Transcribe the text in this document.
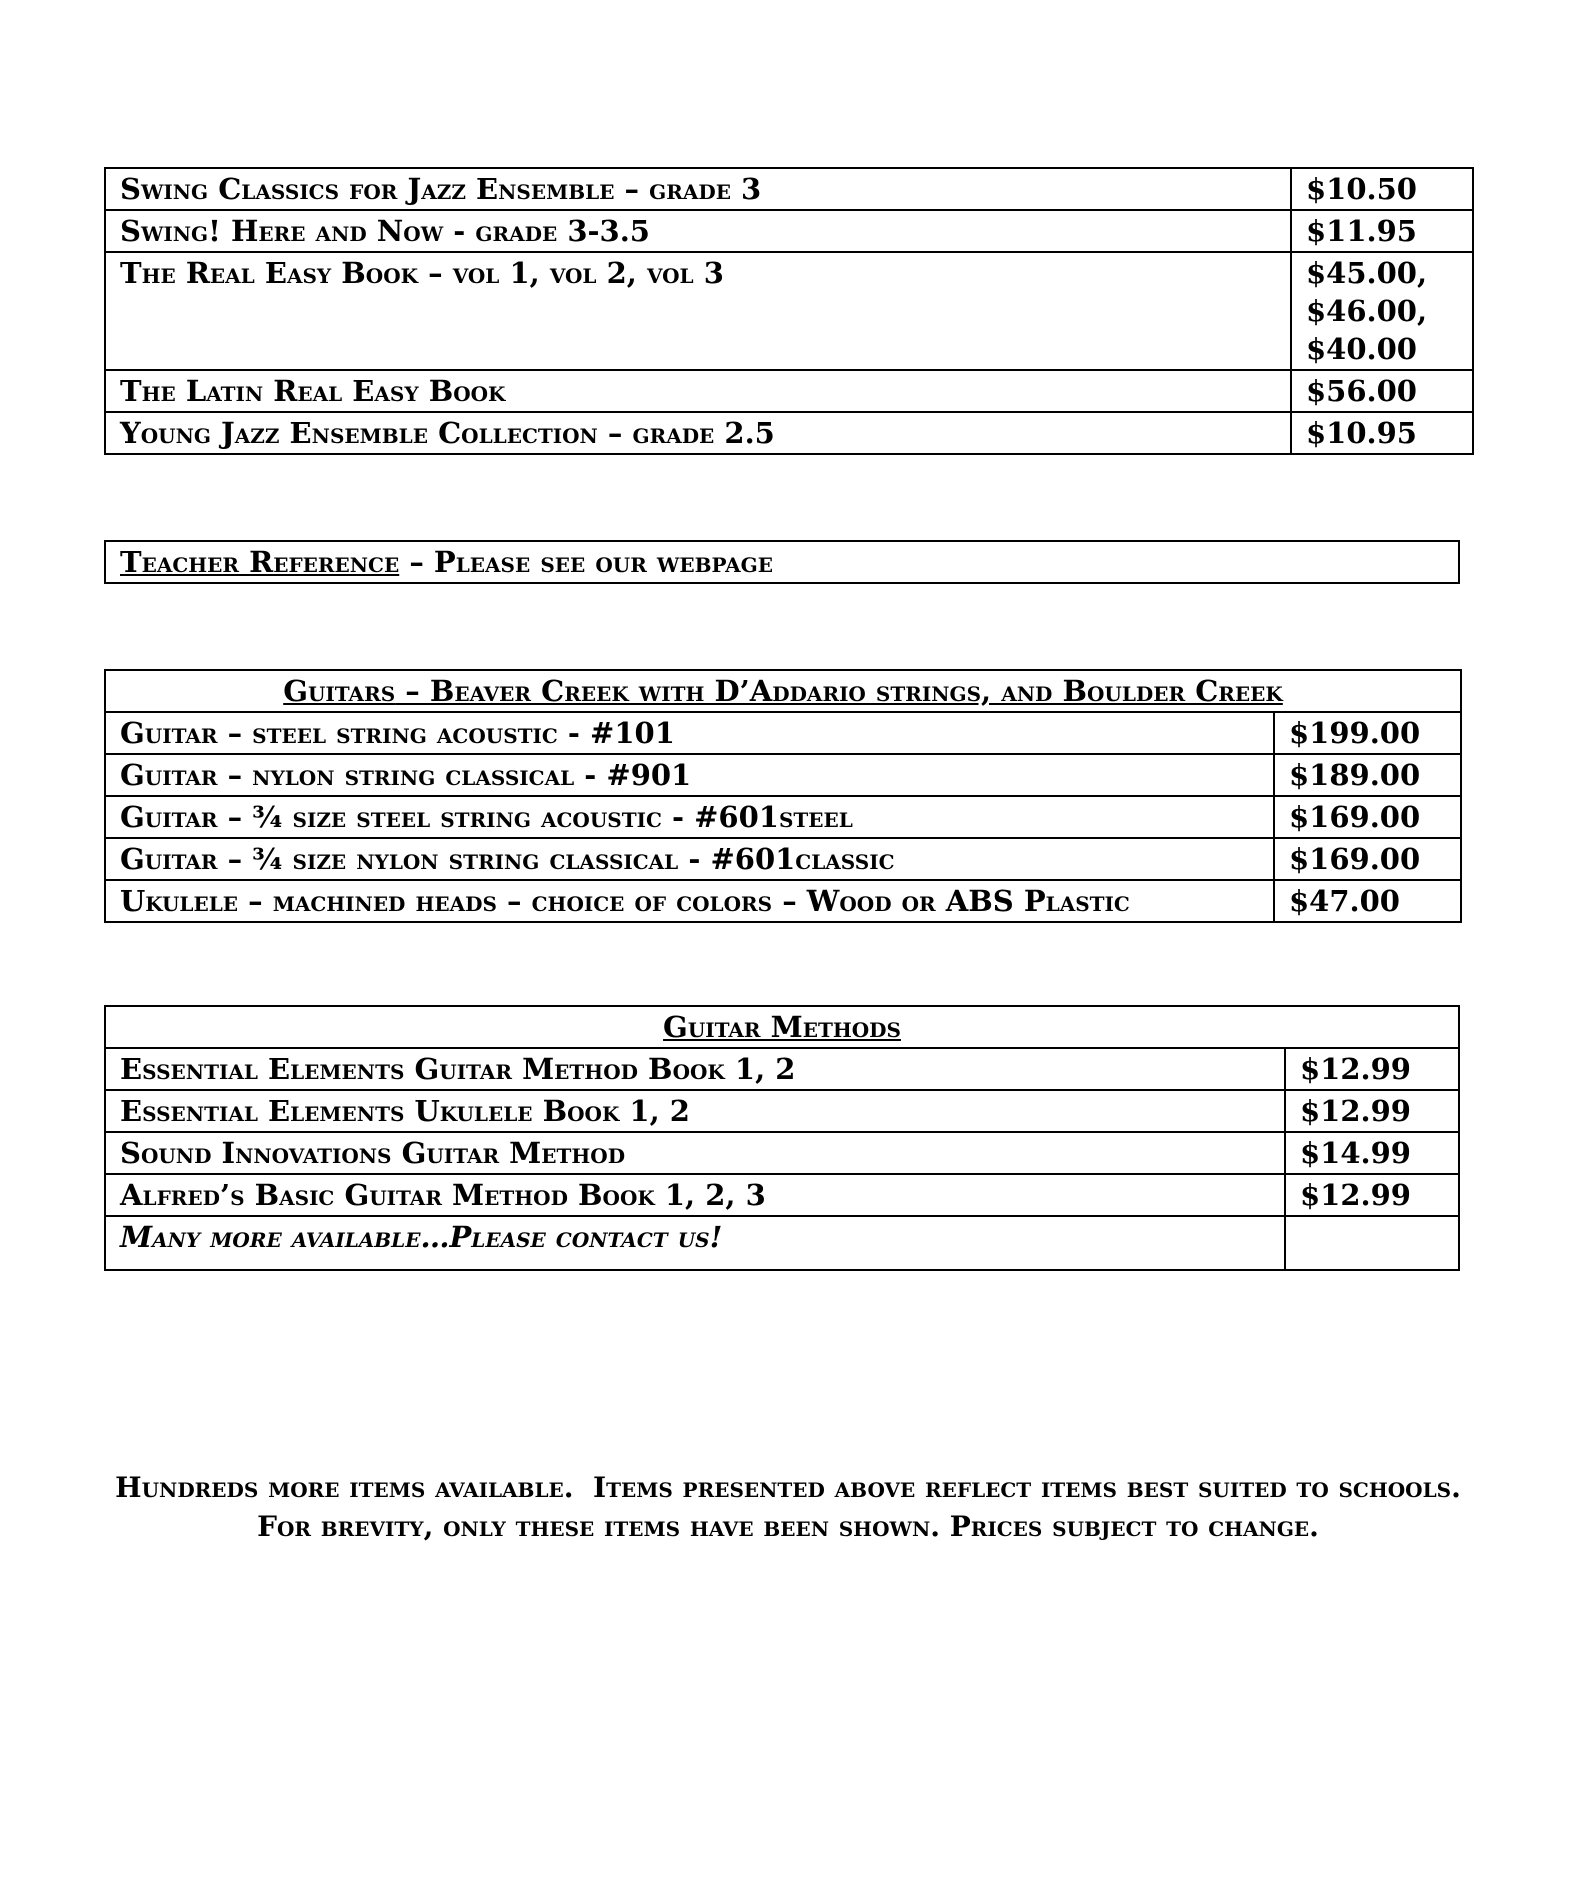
Swing Classics for Jazz Ensemble – grade 3	$10.50
Swing! Here and Now - grade 3-3.5	$11.95
The Real Easy Book – vol 1, vol 2, vol 3	$45.00,
$46.00,
$40.00

The Latin Real Easy Book	$56.00
Young Jazz Ensemble Collection – grade 2.5	$10.95
Teacher Reference – Please see our webpage
Guitars – Beaver Creek with D’Addario strings, and Boulder Creek	
Guitar – steel string acoustic - #101	$199.00
Guitar – nylon string classical - #901	$189.00
Guitar – ¾ size steel string acoustic - #601steel	$169.00
Guitar – ¾ size nylon string classical - #601classic	$169.00
Ukulele – machined heads – choice of colors – Wood or ABS Plastic	$47.00
Guitar Methods	
Essential Elements Guitar Method Book 1, 2	$12.99
Essential Elements Ukulele Book 1, 2	$12.99
Sound Innovations Guitar Method	$14.99
Alfred’s Basic Guitar Method Book 1, 2, 3	$12.99
Many more available…Please contact us!	
Hundreds more items available.  Items presented above reflect items best suited to schools.
For brevity, only these items have been shown. Prices subject to change.
